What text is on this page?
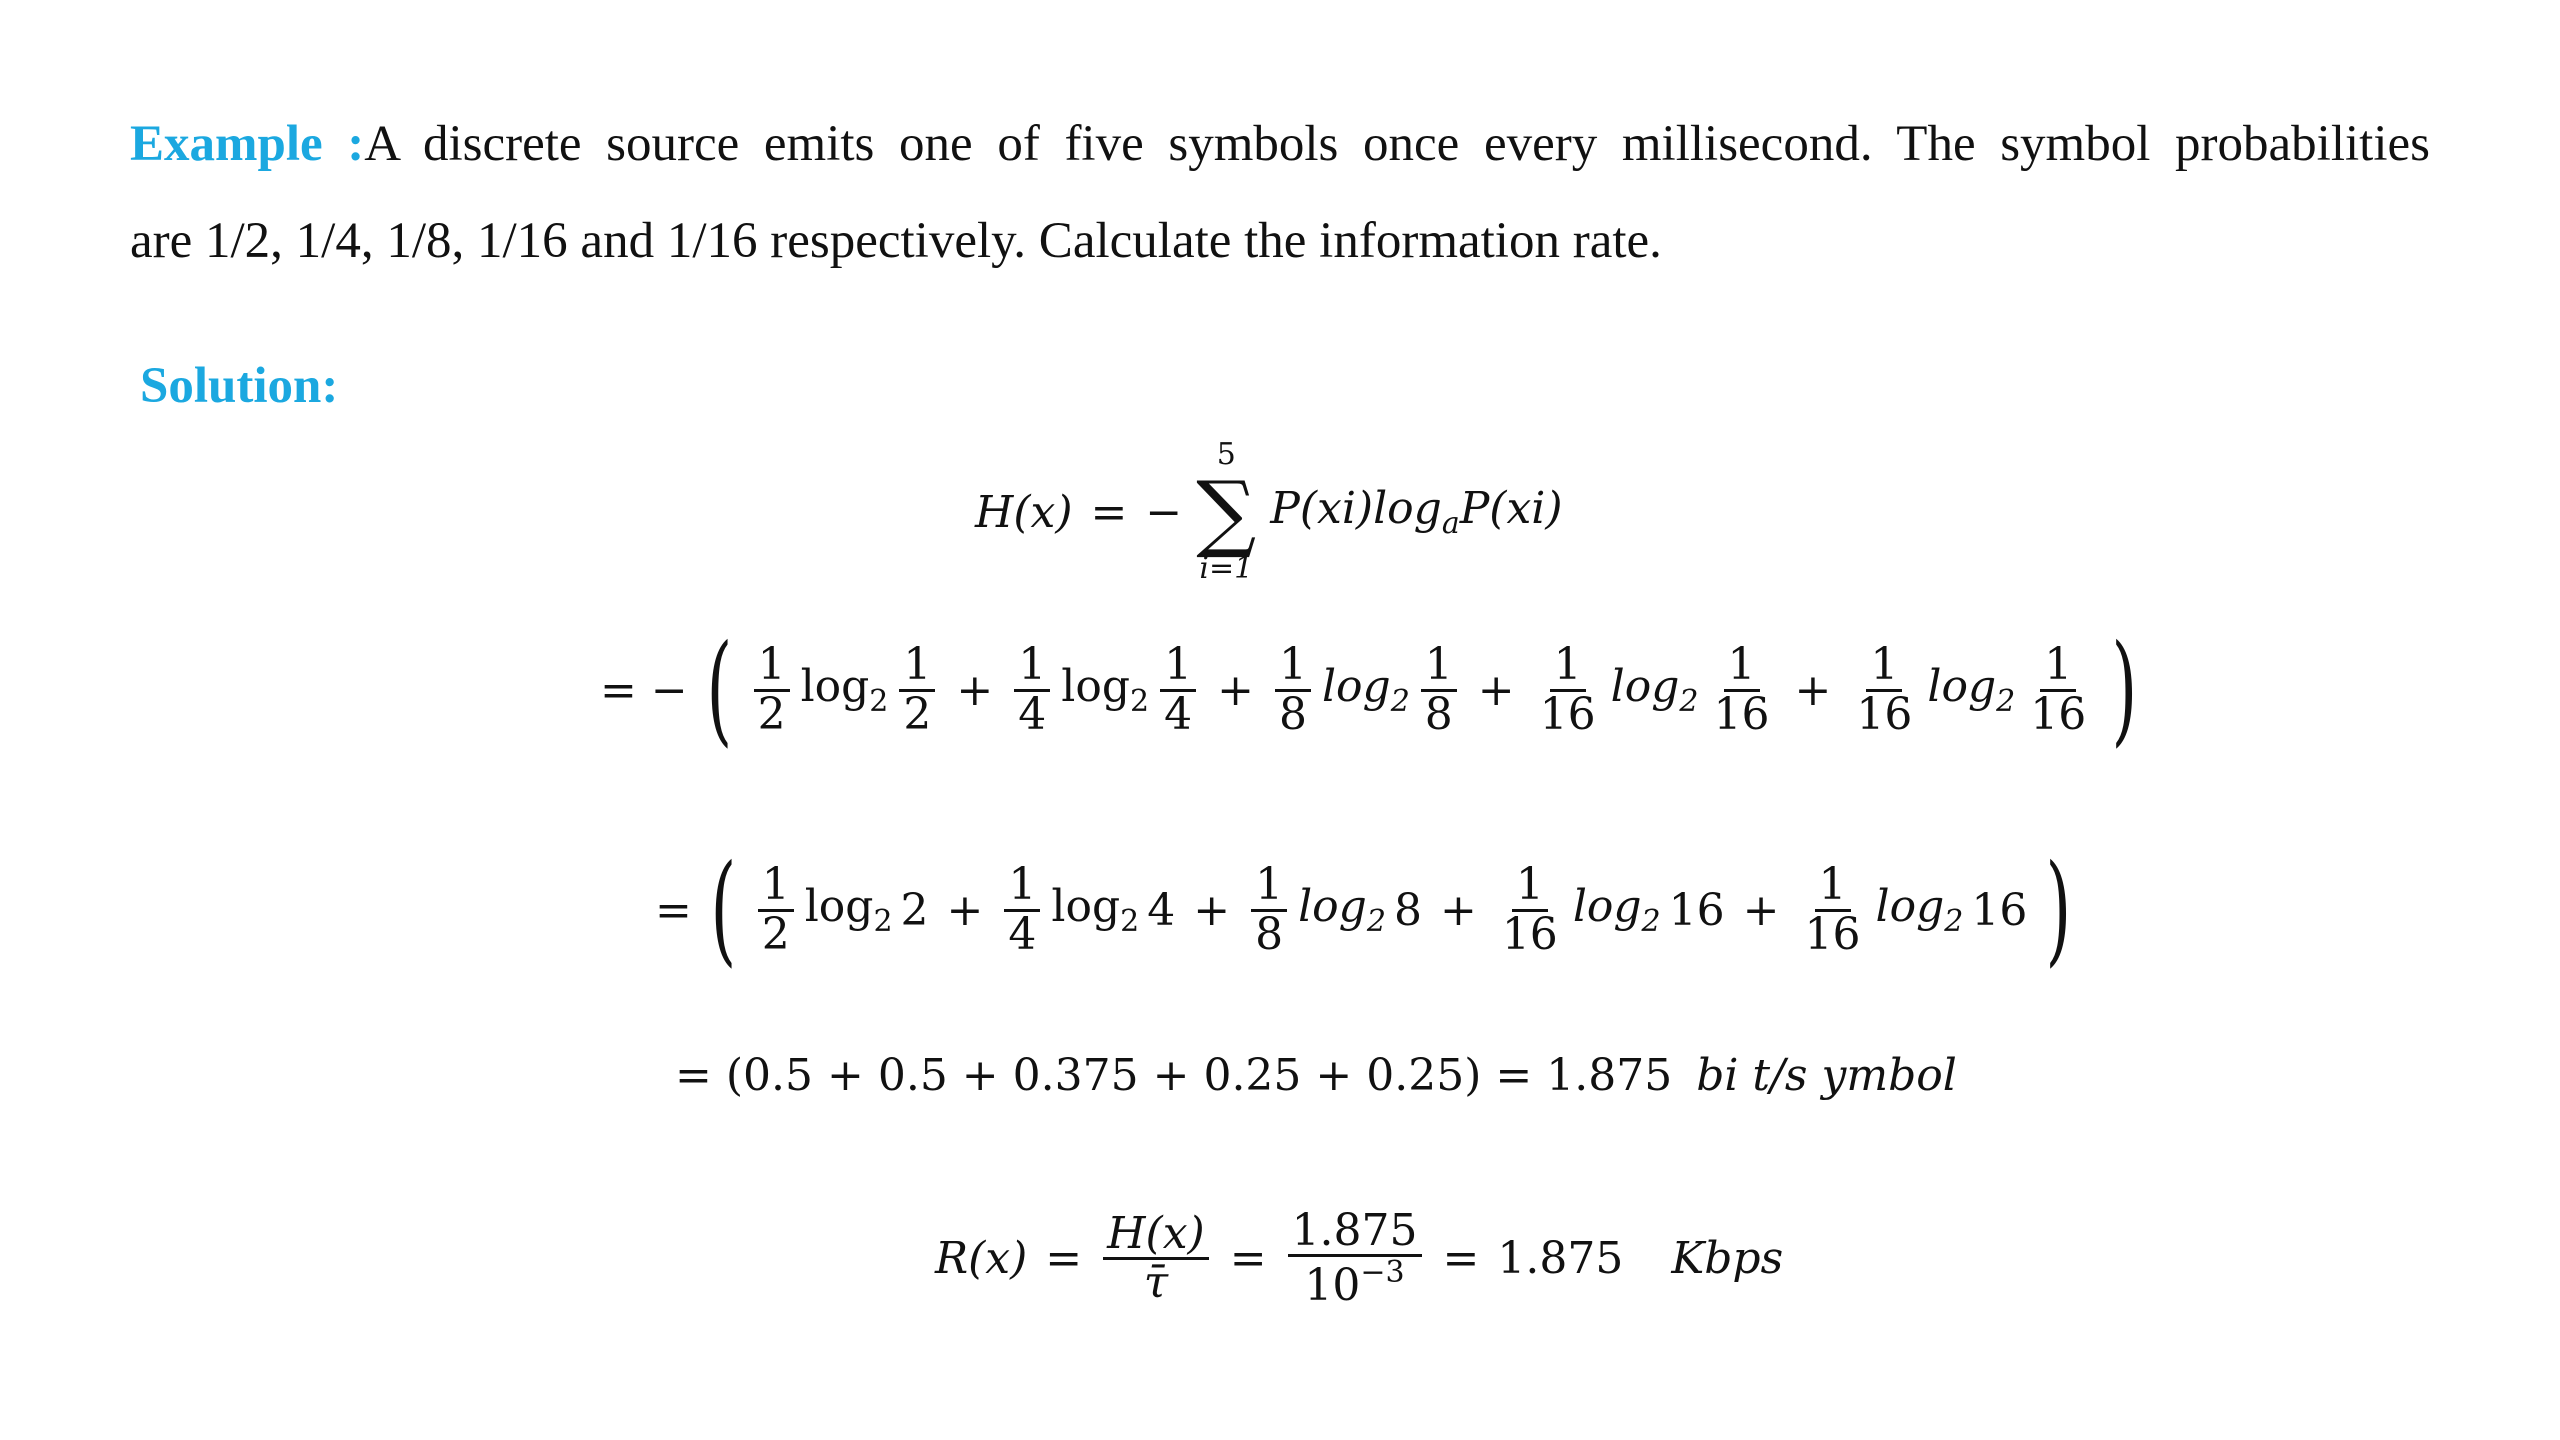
Example :A discrete source emits one of five symbols once every millisecond. The symbol probabilities
are 1/2, 1/4, 1/8, 1/16 and 1/16 respectively. Calculate the information rate.
Solution:
H(x) = −
5
∑
i=1
$P(xi)\log_aP(xi)$
= − ( $\frac{1}{2} \log_2 \frac{1}{2} + \frac{1}{4} \log_2 \frac{1}{4} + \frac{1}{8} \log_2 \frac{1}{8} + \frac{1}{16} \log_2 \frac{1}{16} + \frac{1}{16} \log_2 \frac{1}{16}$ )
= ( $\frac{1}{2} \log_2 2 + \frac{1}{4} \log_2 4 + \frac{1}{8} \log_2 8 + \frac{1}{16} \log_2 16 + \frac{1}{16} \log_2 16$ )
= (0.5 + 0.5 + 0.375 + 0.25 + 0.25) = 1.875 bi t/s ymbol
$R(x) = \frac{H(x)}{\taū} = \frac{1.875}{10^{-3}} = 1.875$ Kbps
